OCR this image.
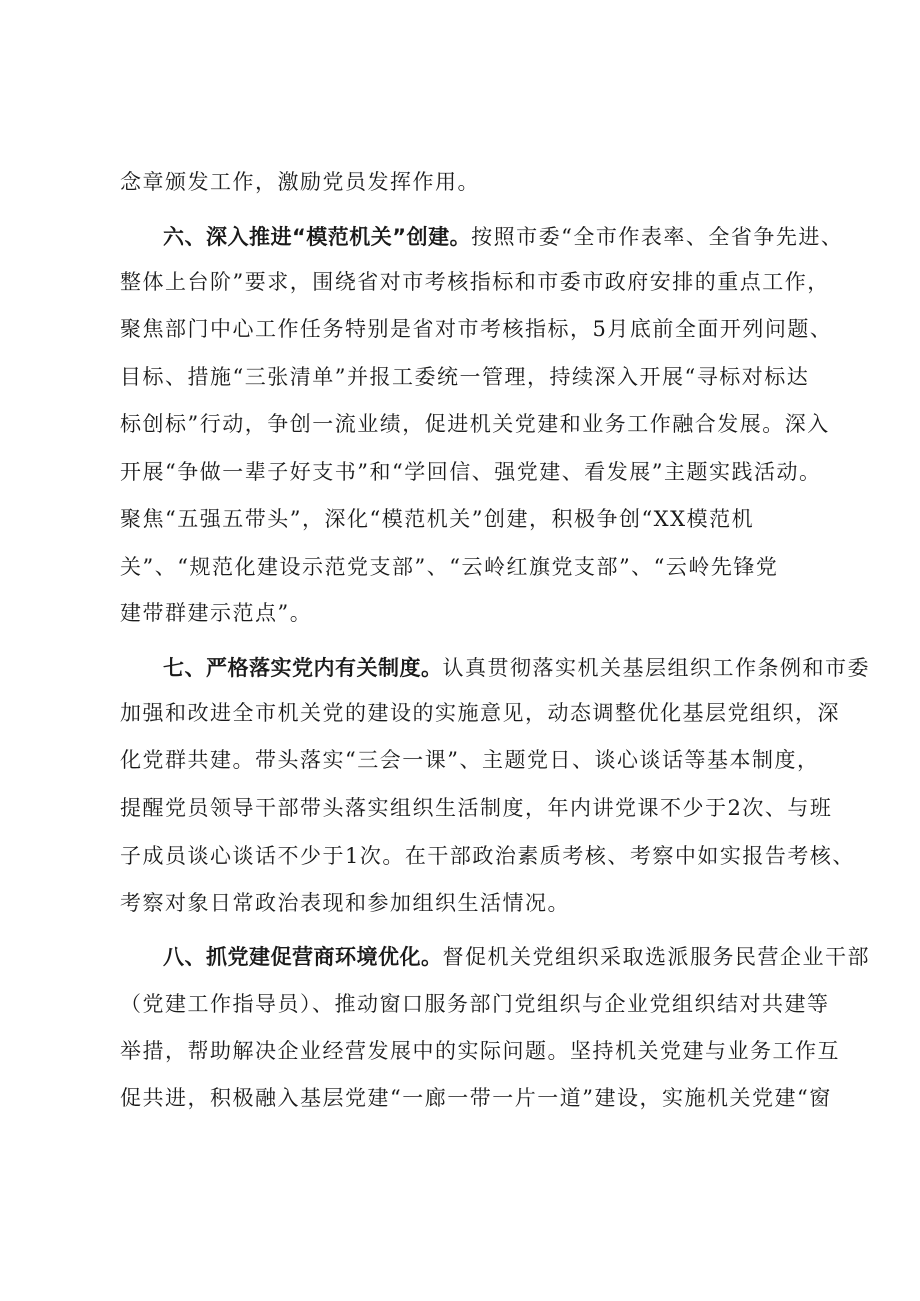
念章颁发工作，激励党员发挥作用。
六、深入推进“模范机关”创建。按照市委“全市作表率、全省争先进、
整体上台阶”要求，围绕省对市考核指标和市委市政府安排的重点工作，
聚焦部门中心工作任务特别是省对市考核指标，5月底前全面开列问题、
目标、措施“三张清单”并报工委统一管理，持续深入开展“寻标对标达
标创标”行动，争创一流业绩，促进机关党建和业务工作融合发展。深入
开展“争做一辈子好支书”和“学回信、强党建、看发展”主题实践活动。
聚焦“五强五带头”，深化“模范机关”创建，积极争创“XX模范机
关”、“规范化建设示范党支部”、“云岭红旗党支部”、“云岭先锋党
建带群建示范点”。
七、严格落实党内有关制度。认真贯彻落实机关基层组织工作条例和市委
加强和改进全市机关党的建设的实施意见，动态调整优化基层党组织，深
化党群共建。带头落实“三会一课”、主题党日、谈心谈话等基本制度，
提醒党员领导干部带头落实组织生活制度，年内讲党课不少于2次、与班
子成员谈心谈话不少于1次。在干部政治素质考核、考察中如实报告考核、
考察对象日常政治表现和参加组织生活情况。
八、抓党建促营商环境优化。督促机关党组织采取选派服务民营企业干部
（党建工作指导员）、推动窗口服务部门党组织与企业党组织结对共建等
举措，帮助解决企业经营发展中的实际问题。坚持机关党建与业务工作互
促共进，积极融入基层党建“一廊一带一片一道”建设，实施机关党建“窗
